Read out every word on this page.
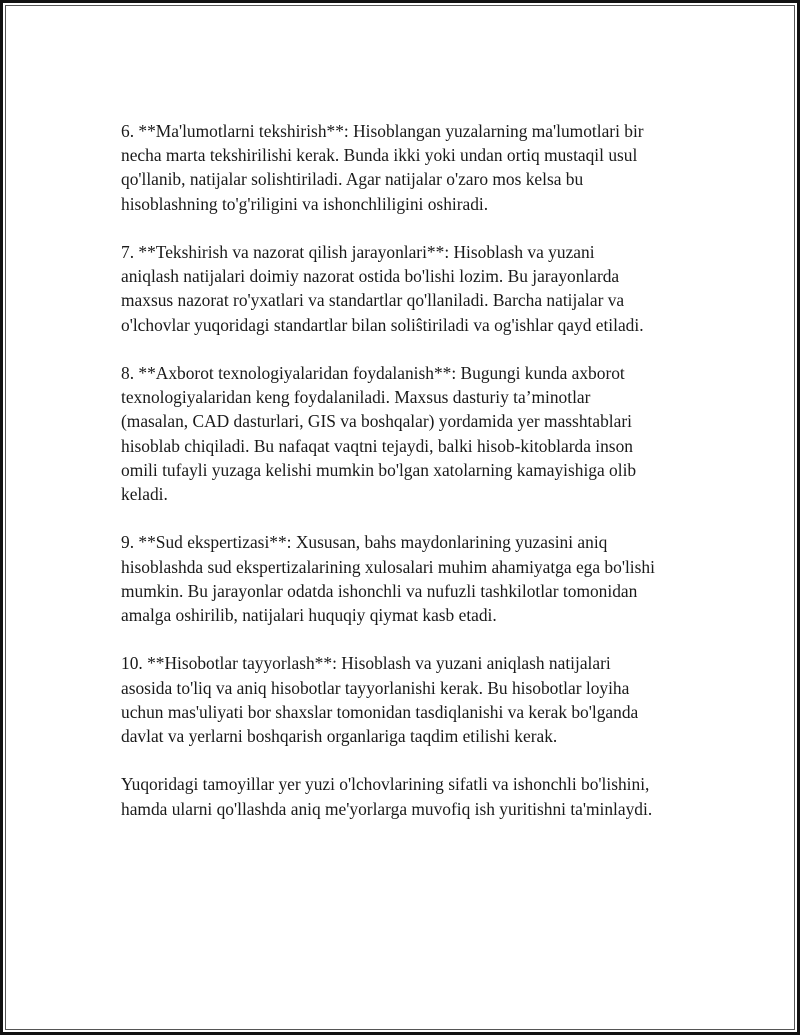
6. **Ma'lumotlarni tekshirish**: Hisoblangan yuzalarning ma'lumotlari bir
necha marta tekshirilishi kerak. Bunda ikki yoki undan ortiq mustaqil usul
qo'llanib, natijalar solishtiriladi. Agar natijalar o'zaro mos kelsa bu
hisoblashning to'g'riligini va ishonchliligini oshiradi.

7. **Tekshirish va nazorat qilish jarayonlari**: Hisoblash va yuzani
aniqlash natijalari doimiy nazorat ostida bo'lishi lozim. Bu jarayonlarda
maxsus nazorat ro'yxatlari va standartlar qo'llaniladi. Barcha natijalar va
o'lchovlar yuqoridagi standartlar bilan soliŝtiriladi va og'ishlar qayd etiladi.

8. **Axborot texnologiyalaridan foydalanish**: Bugungi kunda axborot
texnologiyalaridan keng foydalaniladi. Maxsus dasturiy ta’minotlar
(masalan, CAD dasturlari, GIS va boshqalar) yordamida yer masshtablari
hisoblab chiqiladi. Bu nafaqat vaqtni tejaydi, balki hisob-kitoblarda inson
omili tufayli yuzaga kelishi mumkin bo'lgan xatolarning kamayishiga olib
keladi.

9. **Sud ekspertizasi**: Xususan, bahs maydonlarining yuzasini aniq
hisoblashda sud ekspertizalarining xulosalari muhim ahamiyatga ega bo'lishi
mumkin. Bu jarayonlar odatda ishonchli va nufuzli tashkilotlar tomonidan
amalga oshirilib, natijalari huquqiy qiymat kasb etadi.

10. **Hisobotlar tayyorlash**: Hisoblash va yuzani aniqlash natijalari
asosida to'liq va aniq hisobotlar tayyorlanishi kerak. Bu hisobotlar loyiha
uchun mas'uliyati bor shaxslar tomonidan tasdiqlanishi va kerak bo'lganda
davlat va yerlarni boshqarish organlariga taqdim etilishi kerak.

Yuqoridagi tamoyillar yer yuzi o'lchovlarining sifatli va ishonchli bo'lishini,
hamda ularni qo'llashda aniq me'yorlarga muvofiq ish yuritishni ta'minlaydi.
